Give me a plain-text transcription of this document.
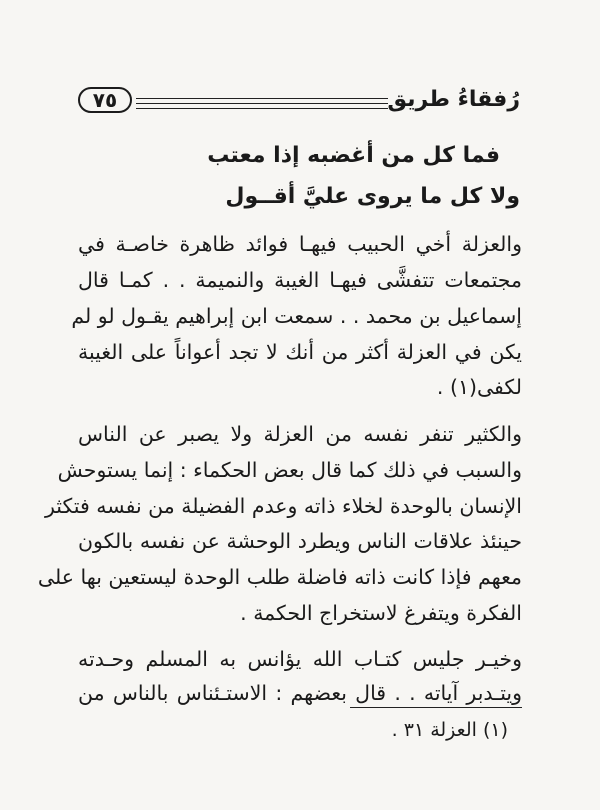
رُفقاءُ طريق
٧٥
فما كل من أغضبه إذا معتب
ولا كل ما يروى عليَّ أقــول
والعزلة أخي الحبيب فيهـا فوائد ظاهرة خاصـة في
مجتمعات تتفشَّى فيهـا الغيبة والنميمة . . كمـا قال
إسماعيل بن محمد . . سمعت ابن إبراهيم يقـول لو لم
يكن في العزلة أكثر من أنك لا تجد أعواناً على الغيبة
لكفى(١) .
والكثير تنفر نفسه من العزلة ولا يصبر عن الناس
والسبب في ذلك كما قال بعض الحكماء : إنما يستوحش
الإنسان بالوحدة لخلاء ذاته وعدم الفضيلة من نفسه فتكثر
حينئذ علاقات الناس ويطرد الوحشة عن نفسه بالكون
معهم فإذا كانت ذاته فاضلة طلب الوحدة ليستعين بها على
الفكرة ويتفرغ لاستخراج الحكمة .
وخيـر جليس كتـاب الله يؤانس به المسلم وحـدته
ويتـدبر آياته . . قال بعضهم : الاستـئناس بالناس من
(١) العزلة ٣١ .
